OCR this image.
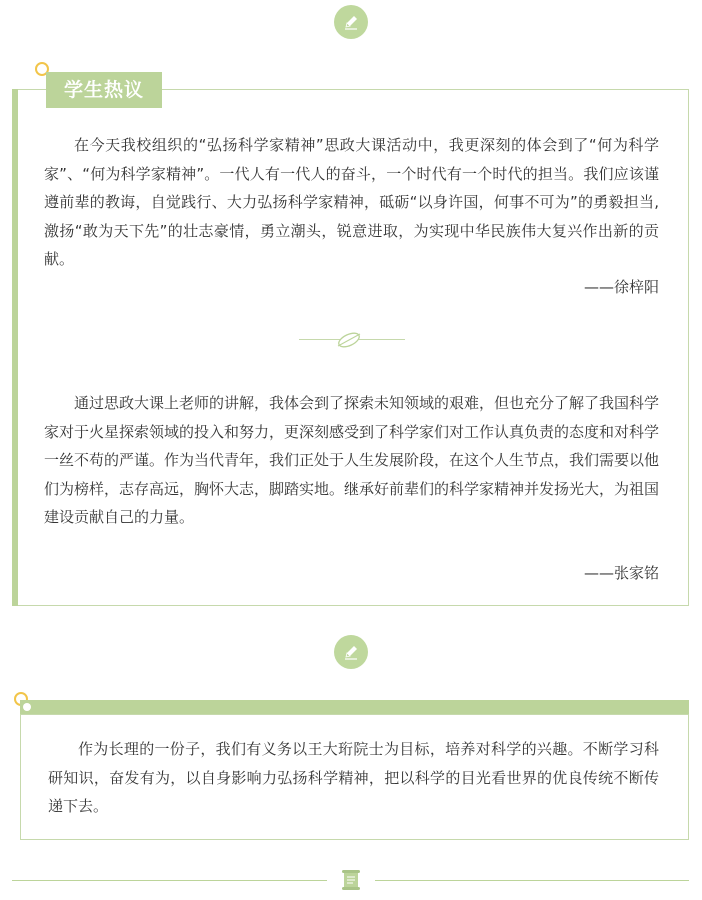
学生热议

在今天我校组织的“弘扬科学家精神”思政大课活动中，我更深刻的体会到了“何为科学家”、“何为科学家精神”。一代人有一代人的奋斗，一个时代有一个时代的担当。我们应该谨遵前辈的教诲，自觉践行、大力弘扬科学家精神，砥砺“以身许国，何事不可为”的勇毅担当,激扬“敢为天下先”的壮志豪情，勇立潮头，锐意进取，为实现中华民族伟大复兴作出新的贡献。

——徐梓阳

通过思政大课上老师的讲解，我体会到了探索未知领域的艰难，但也充分了解了我国科学家对于火星探索领域的投入和努力，更深刻感受到了科学家们对工作认真负责的态度和对科学一丝不苟的严谨。作为当代青年，我们正处于人生发展阶段，在这个人生节点，我们需要以他们为榜样，志存高远，胸怀大志，脚踏实地。继承好前辈们的科学家精神并发扬光大，为祖国建设贡献自己的力量。

——张家铭

作为长理的一份子，我们有义务以王大珩院士为目标，培养对科学的兴趣。不断学习科研知识，奋发有为，以自身影响力弘扬科学精神，把以科学的目光看世界的优良传统不断传递下去。
